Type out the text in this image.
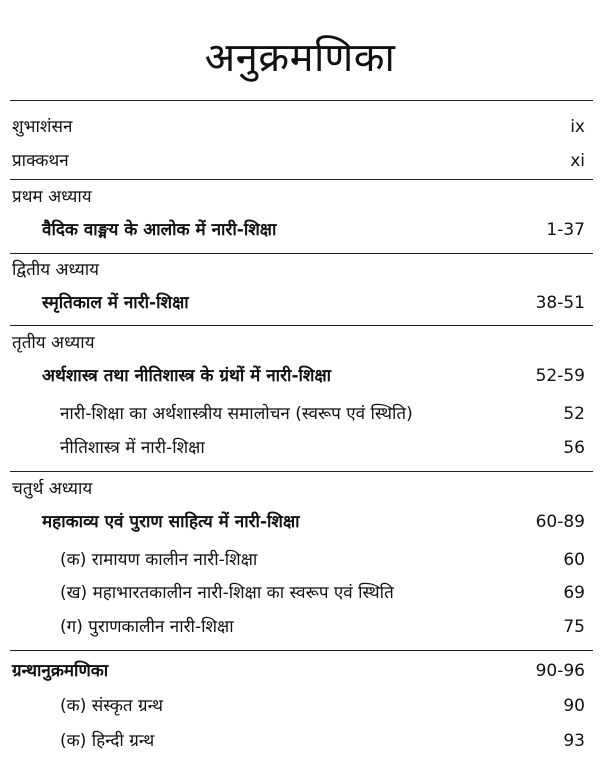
अनुक्रमणिका
शुभाशंसन	ix
प्राक्कथन	xi
प्रथम अध्याय
वैदिक वाङ्मय के आलोक में नारी-शिक्षा	1-37
द्वितीय अध्याय
स्मृतिकाल में नारी-शिक्षा	38-51
तृतीय अध्याय
अर्थशास्त्र तथा नीतिशास्त्र के ग्रंथों में नारी-शिक्षा	52-59
नारी-शिक्षा का अर्थशास्त्रीय समालोचन (स्वरूप एवं स्थिति)	52
नीतिशास्त्र में नारी-शिक्षा	56
चतुर्थ अध्याय
महाकाव्य एवं पुराण साहित्य में नारी-शिक्षा	60-89
(क) रामायण कालीन नारी-शिक्षा	60
(ख) महाभारतकालीन नारी-शिक्षा का स्वरूप एवं स्थिति	69
(ग) पुराणकालीन नारी-शिक्षा	75
ग्रन्थानुक्रमणिका	90-96
(क) संस्कृत ग्रन्थ	90
(क) हिन्दी ग्रन्थ	93
